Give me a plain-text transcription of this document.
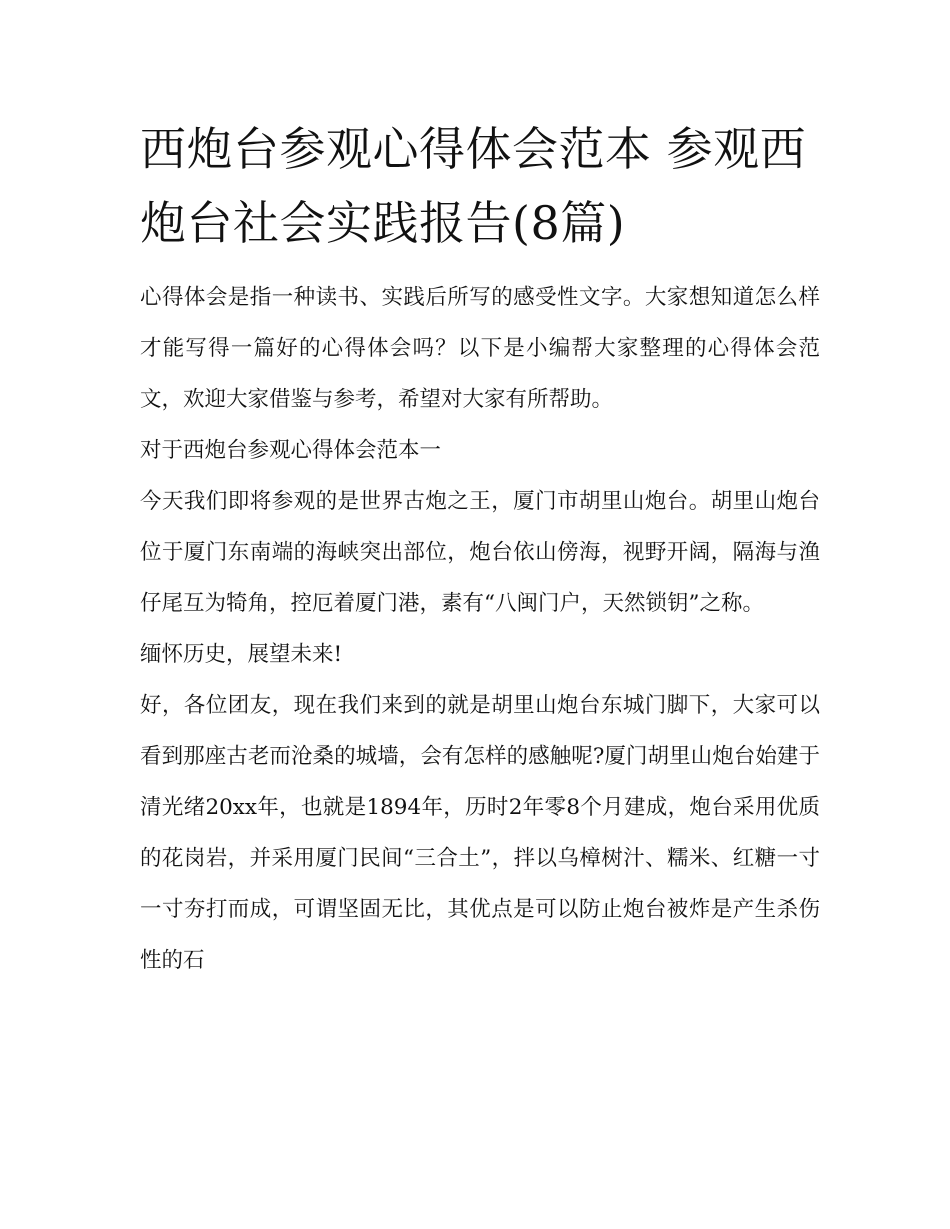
西炮台参观心得体会范本 参观西炮台社会实践报告(8篇)

心得体会是指一种读书、实践后所写的感受性文字。大家想知道怎么样才能写得一篇好的心得体会吗？以下是小编帮大家整理的心得体会范文，欢迎大家借鉴与参考，希望对大家有所帮助。

对于西炮台参观心得体会范本一

今天我们即将参观的是世界古炮之王，厦门市胡里山炮台。胡里山炮台位于厦门东南端的海峡突出部位，炮台依山傍海，视野开阔，隔海与渔仔尾互为犄角，控厄着厦门港，素有“八闽门户，天然锁钥”之称。

缅怀历史，展望未来!

好，各位团友，现在我们来到的就是胡里山炮台东城门脚下，大家可以看到那座古老而沧桑的城墙，会有怎样的感触呢?厦门胡里山炮台始建于清光绪20xx年，也就是1894年，历时2年零8个月建成，炮台采用优质的花岗岩，并采用厦门民间“三合土”，拌以乌樟树汁、糯米、红糖一寸一寸夯打而成，可谓坚固无比，其优点是可以防止炮台被炸是产生杀伤性的石
